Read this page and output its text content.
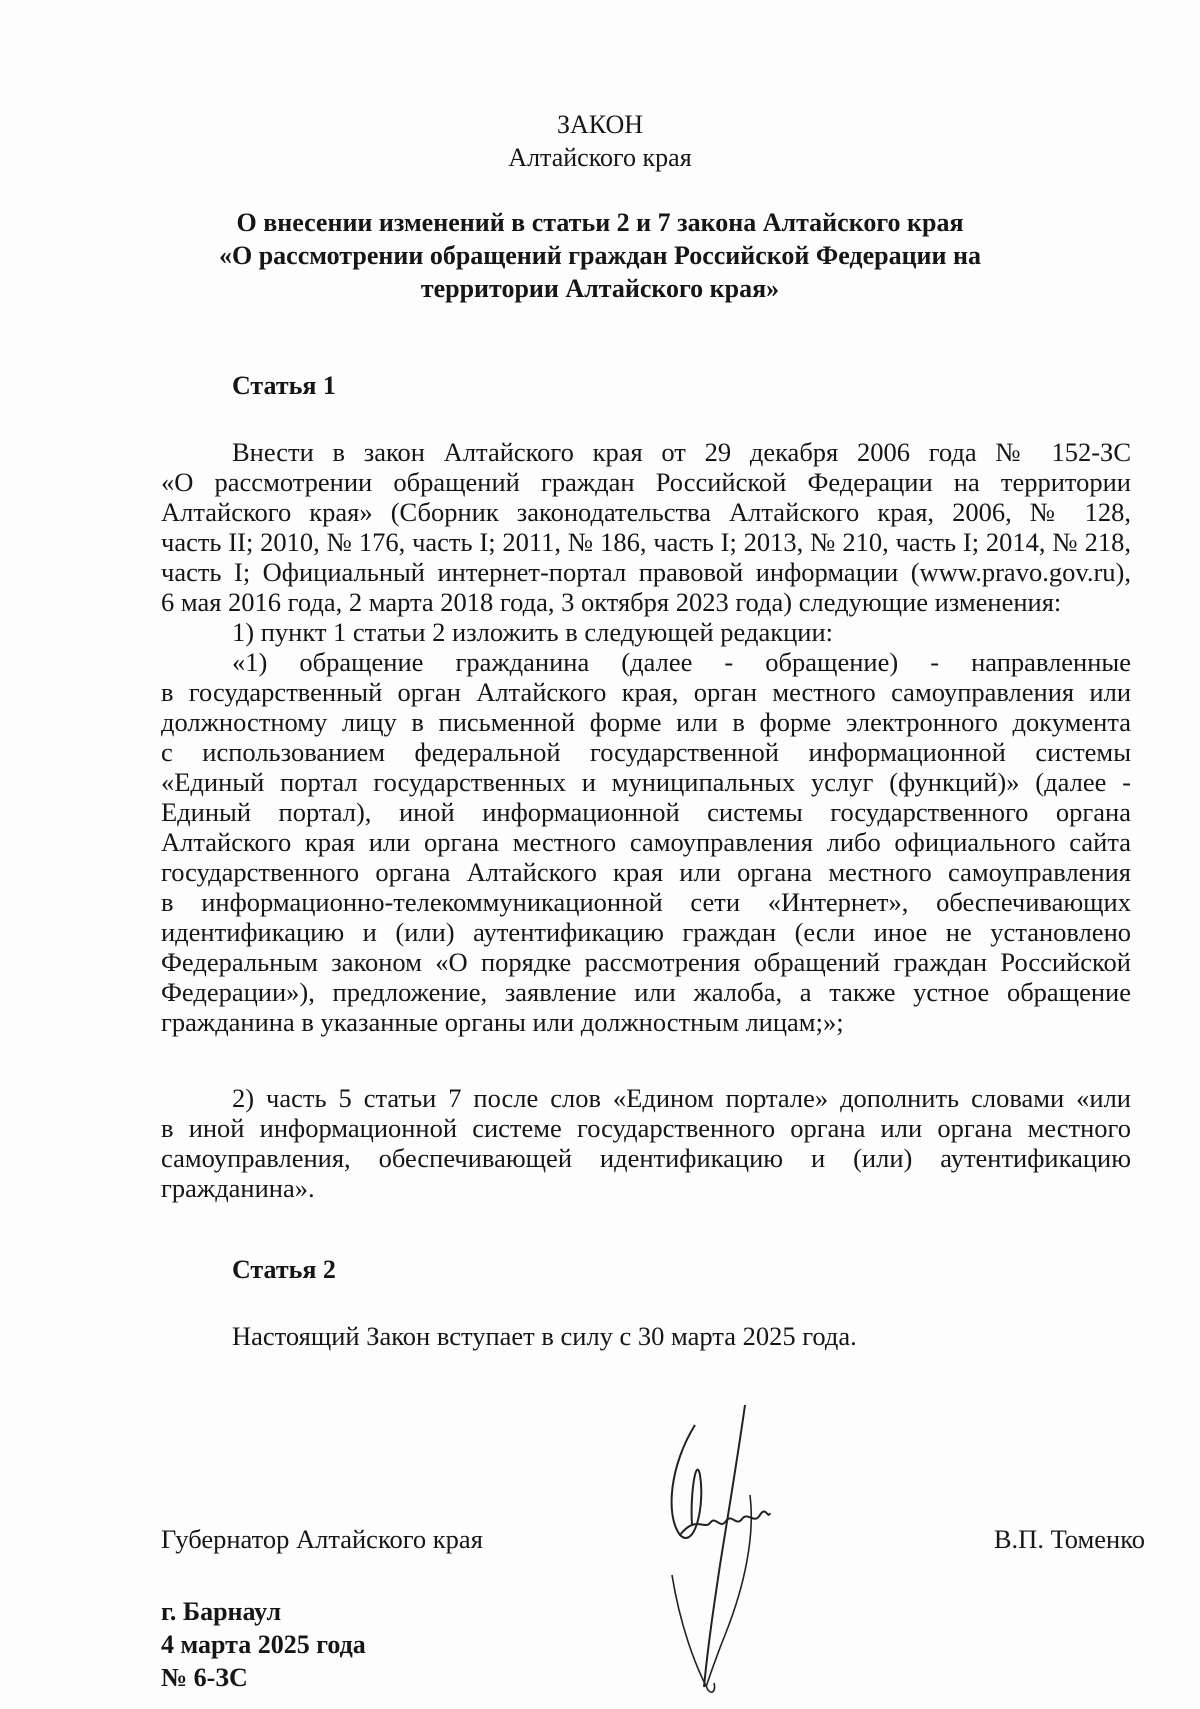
ЗАКОН
Алтайского края
О внесении изменений в статьи 2 и 7 закона Алтайского края
«О рассмотрении обращений граждан Российской Федерации на
территории Алтайского края»
Статья 1
Внести в закон Алтайского края от 29 декабря 2006 года № 152-ЗС
«О рассмотрении обращений граждан Российской Федерации на территории
Алтайского края» (Сборник законодательства Алтайского края, 2006, № 128,
часть II; 2010, № 176, часть I; 2011, № 186, часть I; 2013, № 210, часть I; 2014, № 218,
часть I; Официальный интернет-портал правовой информации (www.pravo.gov.ru),
6 мая 2016 года, 2 марта 2018 года, 3 октября 2023 года) следующие изменения:
1) пункт 1 статьи 2 изложить в следующей редакции:
«1) обращение гражданина (далее - обращение) - направленные
в государственный орган Алтайского края, орган местного самоуправления или
должностному лицу в письменной форме или в форме электронного документа
с использованием федеральной государственной информационной системы
«Единый портал государственных и муниципальных услуг (функций)» (далее -
Единый портал), иной информационной системы государственного органа
Алтайского края или органа местного самоуправления либо официального сайта
государственного органа Алтайского края или органа местного самоуправления
в информационно-телекоммуникационной сети «Интернет», обеспечивающих
идентификацию и (или) аутентификацию граждан (если иное не установлено
Федеральным законом «О порядке рассмотрения обращений граждан Российской
Федерации»), предложение, заявление или жалоба, а также устное обращение
гражданина в указанные органы или должностным лицам;»;
2) часть 5 статьи 7 после слов «Едином портале» дополнить словами «или
в иной информационной системе государственного органа или органа местного
самоуправления, обеспечивающей идентификацию и (или) аутентификацию
гражданина».
Статья 2
Настоящий Закон вступает в силу с 30 марта 2025 года.
Губернатор Алтайского края	В.П. Томенко
г. Барнаул
4 марта 2025 года
№ 6-ЗС
